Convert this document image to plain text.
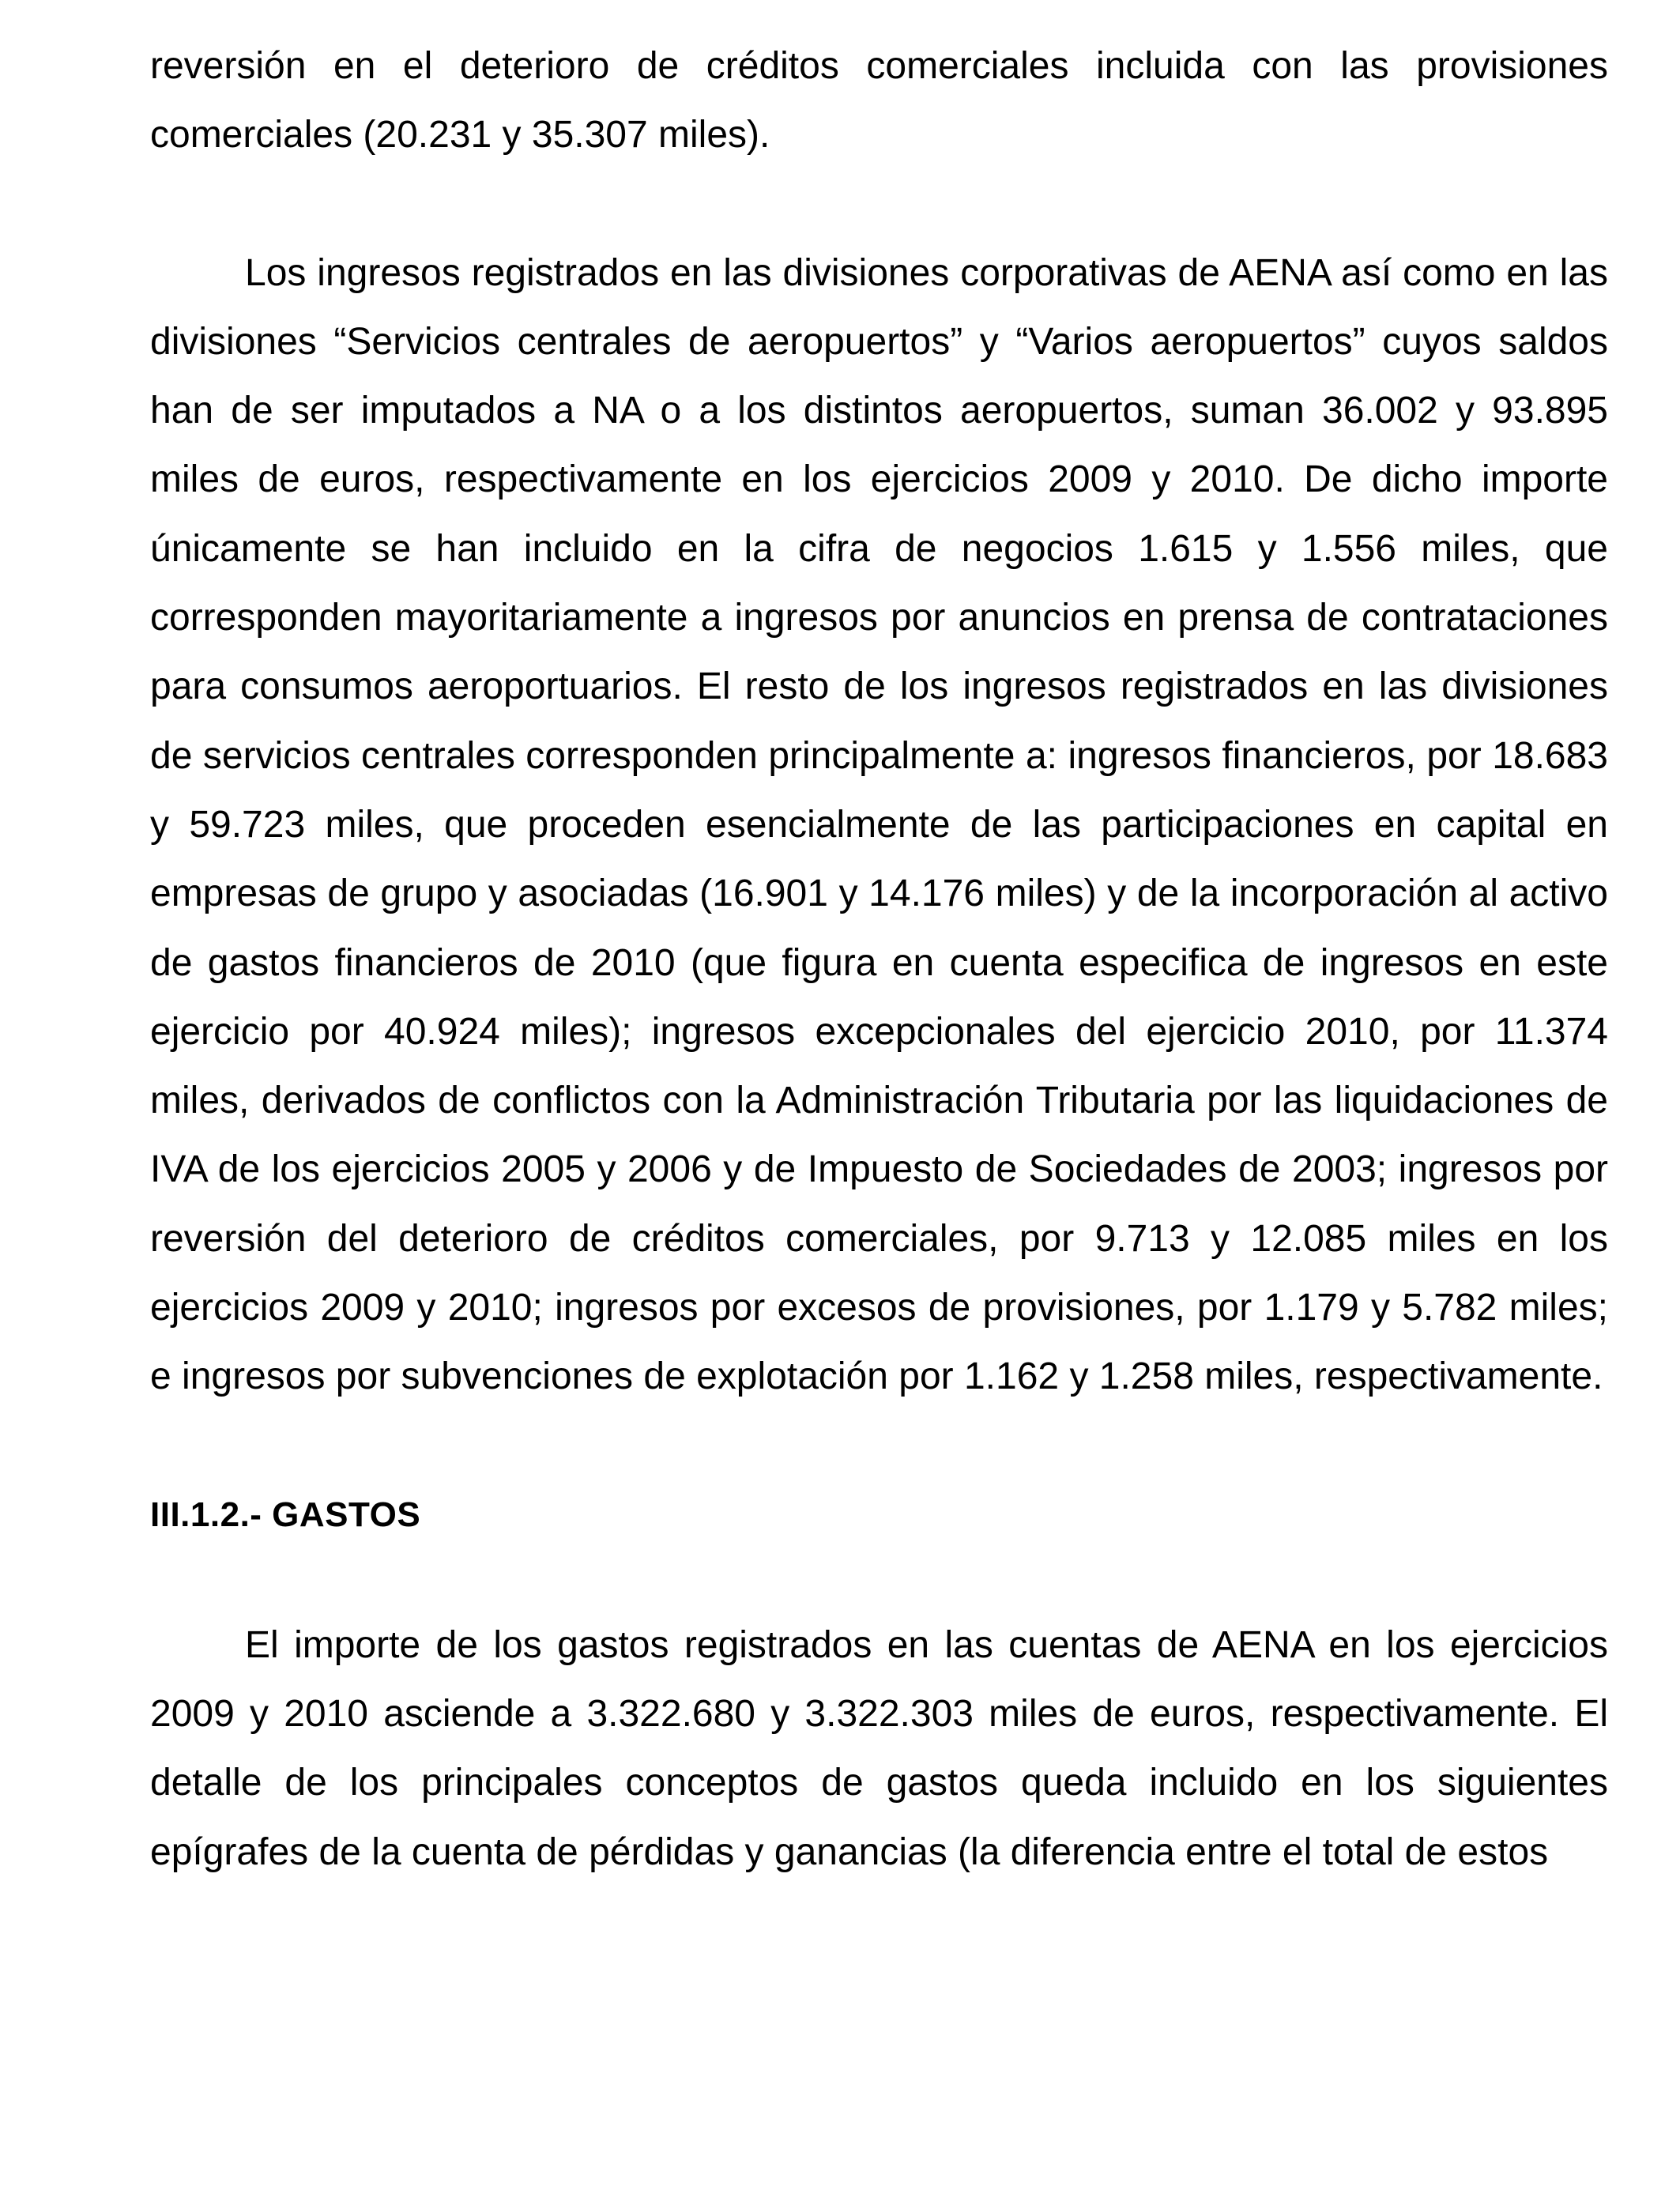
reversión en el deterioro de créditos comerciales incluida con las provisiones comerciales (20.231 y 35.307 miles).

Los ingresos registrados en las divisiones corporativas de AENA así como en las divisiones “Servicios centrales de aeropuertos” y “Varios aeropuertos” cuyos saldos han de ser imputados a NA o a los distintos aeropuertos, suman 36.002 y 93.895 miles de euros, respectivamente en los ejercicios 2009 y 2010. De dicho importe únicamente se han incluido en la cifra de negocios 1.615 y 1.556 miles, que corresponden mayoritariamente a ingresos por anuncios en prensa de contrataciones para consumos aeroportuarios. El resto de los ingresos registrados en las divisiones de servicios centrales corresponden principalmente a: ingresos financieros, por 18.683 y 59.723 miles, que proceden esencialmente de las participaciones en capital en empresas de grupo y asociadas (16.901 y 14.176 miles) y de la incorporación al activo de gastos financieros de 2010 (que figura en cuenta especifica de ingresos en este ejercicio por 40.924 miles); ingresos excepcionales del ejercicio 2010, por 11.374 miles, derivados de conflictos con la Administración Tributaria por las liquidaciones de IVA de los ejercicios 2005 y 2006 y de Impuesto de Sociedades de 2003; ingresos por reversión del deterioro de créditos comerciales, por 9.713 y 12.085 miles en los ejercicios 2009 y 2010; ingresos por excesos de provisiones, por 1.179 y 5.782 miles; e ingresos por subvenciones de explotación por 1.162 y 1.258 miles, respectivamente.

III.1.2.- GASTOS

El importe de los gastos registrados en las cuentas de AENA en los ejercicios 2009 y 2010 asciende a 3.322.680 y 3.322.303 miles de euros, respectivamente. El detalle de los principales conceptos de gastos queda incluido en los siguientes epígrafes de la cuenta de pérdidas y ganancias (la diferencia entre el total de estos
